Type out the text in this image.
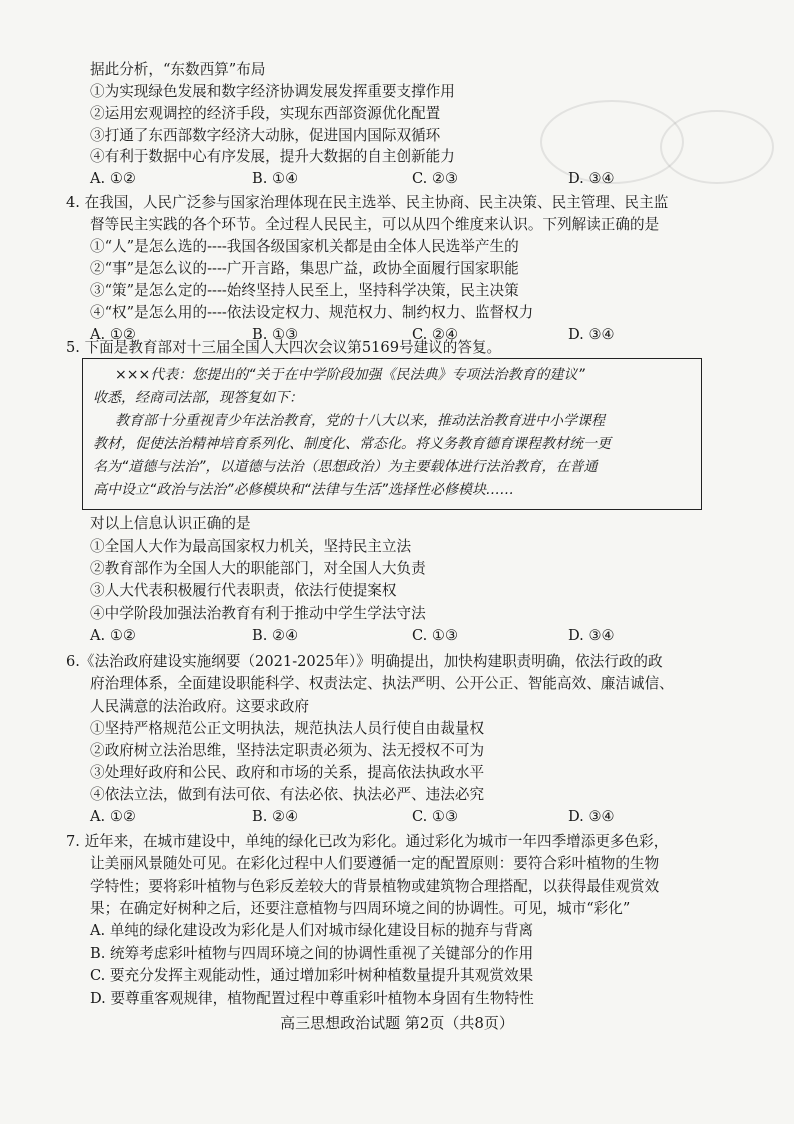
据此分析，“东数西算”布局
①为实现绿色发展和数字经济协调发展发挥重要支撑作用
②运用宏观调控的经济手段，实现东西部资源优化配置
③打通了东西部数字经济大动脉，促进国内国际双循环
④有利于数据中心有序发展，提升大数据的自主创新能力
A. ①②	B. ①④	C. ②③	D. ③④
4. 在我国，人民广泛参与国家治理体现在民主选举、民主协商、民主决策、民主管理、民主监
督等民主实践的各个环节。全过程人民民主，可以从四个维度来认识。下列解读正确的是
①“人”是怎么选的----我国各级国家机关都是由全体人民选举产生的
②“事”是怎么议的----广开言路，集思广益，政协全面履行国家职能
③“策”是怎么定的----始终坚持人民至上，坚持科学决策，民主决策
④“权”是怎么用的----依法设定权力、规范权力、制约权力、监督权力
A. ①②	B. ①③	C. ②④	D. ③④
5. 下面是教育部对十三届全国人大四次会议第5169号建议的答复。
×××代表：您提出的“关于在中学阶段加强《民法典》专项法治教育的建议”
收悉，经商司法部，现答复如下：
教育部十分重视青少年法治教育，党的十八大以来，推动法治教育进中小学课程
教材，促使法治精神培育系列化、制度化、常态化。将义务教育德育课程教材统一更
名为“道德与法治”，以道德与法治（思想政治）为主要载体进行法治教育，在普通
高中设立“政治与法治”必修模块和“法律与生活”选择性必修模块……
对以上信息认识正确的是
①全国人大作为最高国家权力机关，坚持民主立法
②教育部作为全国人大的职能部门，对全国人大负责
③人大代表积极履行代表职责，依法行使提案权
④中学阶段加强法治教育有利于推动中学生学法守法
A. ①②	B. ②④	C. ①③	D. ③④
6.《法治政府建设实施纲要（2021-2025年）》明确提出，加快构建职责明确，依法行政的政
府治理体系，全面建设职能科学、权责法定、执法严明、公开公正、智能高效、廉洁诚信、
人民满意的法治政府。这要求政府
①坚持严格规范公正文明执法，规范执法人员行使自由裁量权
②政府树立法治思维，坚持法定职责必须为、法无授权不可为
③处理好政府和公民、政府和市场的关系，提高依法执政水平
④依法立法，做到有法可依、有法必依、执法必严、违法必究
A. ①②	B. ②④	C. ①③	D. ③④
7. 近年来，在城市建设中，单纯的绿化已改为彩化。通过彩化为城市一年四季增添更多色彩，
让美丽风景随处可见。在彩化过程中人们要遵循一定的配置原则：要符合彩叶植物的生物
学特性；要将彩叶植物与色彩反差较大的背景植物或建筑物合理搭配，以获得最佳观赏效
果；在确定好树种之后，还要注意植物与四周环境之间的协调性。可见，城市“彩化”
A. 单纯的绿化建设改为彩化是人们对城市绿化建设目标的抛弃与背离
B. 统筹考虑彩叶植物与四周环境之间的协调性重视了关键部分的作用
C. 要充分发挥主观能动性，通过增加彩叶树种植数量提升其观赏效果
D. 要尊重客观规律，植物配置过程中尊重彩叶植物本身固有生物特性
高三思想政治试题 第2页（共8页）
